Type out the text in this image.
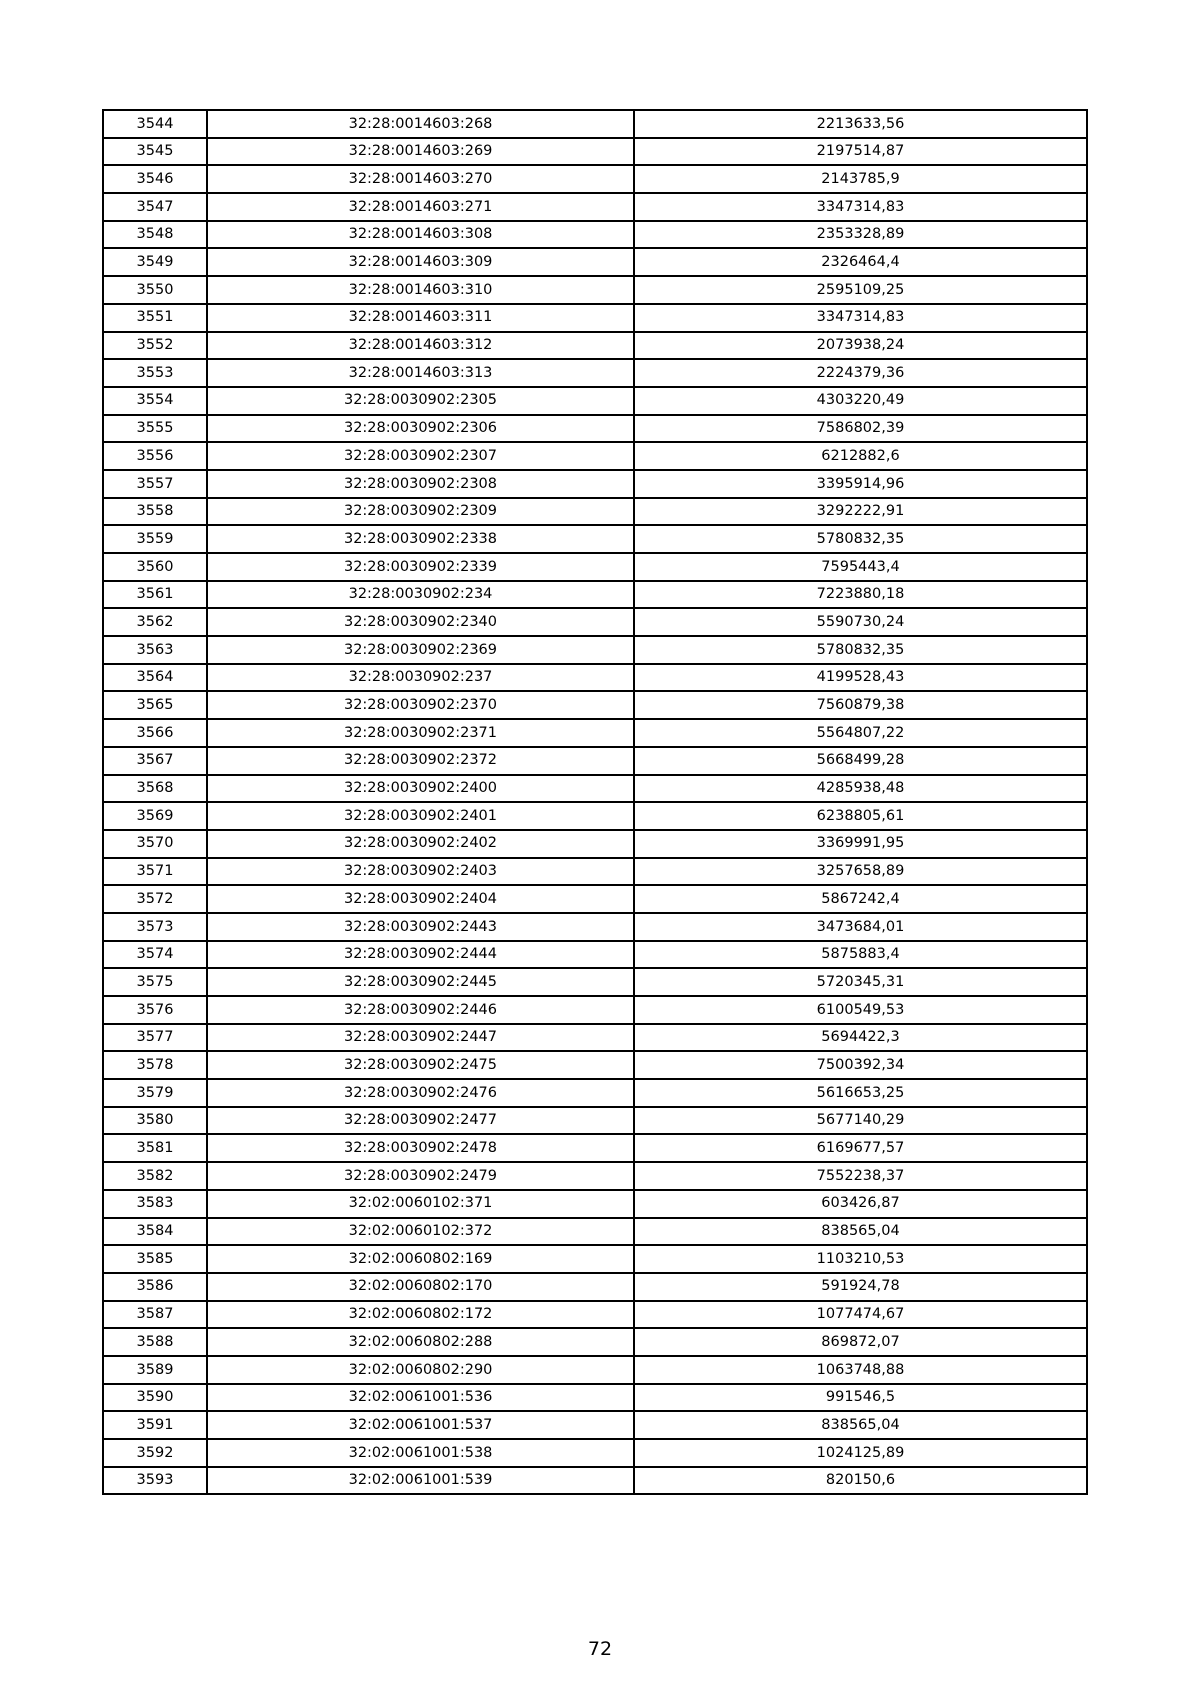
3544	32:28:0014603:268	2213633,56
3545	32:28:0014603:269	2197514,87
3546	32:28:0014603:270	2143785,9
3547	32:28:0014603:271	3347314,83
3548	32:28:0014603:308	2353328,89
3549	32:28:0014603:309	2326464,4
3550	32:28:0014603:310	2595109,25
3551	32:28:0014603:311	3347314,83
3552	32:28:0014603:312	2073938,24
3553	32:28:0014603:313	2224379,36
3554	32:28:0030902:2305	4303220,49
3555	32:28:0030902:2306	7586802,39
3556	32:28:0030902:2307	6212882,6
3557	32:28:0030902:2308	3395914,96
3558	32:28:0030902:2309	3292222,91
3559	32:28:0030902:2338	5780832,35
3560	32:28:0030902:2339	7595443,4
3561	32:28:0030902:234	7223880,18
3562	32:28:0030902:2340	5590730,24
3563	32:28:0030902:2369	5780832,35
3564	32:28:0030902:237	4199528,43
3565	32:28:0030902:2370	7560879,38
3566	32:28:0030902:2371	5564807,22
3567	32:28:0030902:2372	5668499,28
3568	32:28:0030902:2400	4285938,48
3569	32:28:0030902:2401	6238805,61
3570	32:28:0030902:2402	3369991,95
3571	32:28:0030902:2403	3257658,89
3572	32:28:0030902:2404	5867242,4
3573	32:28:0030902:2443	3473684,01
3574	32:28:0030902:2444	5875883,4
3575	32:28:0030902:2445	5720345,31
3576	32:28:0030902:2446	6100549,53
3577	32:28:0030902:2447	5694422,3
3578	32:28:0030902:2475	7500392,34
3579	32:28:0030902:2476	5616653,25
3580	32:28:0030902:2477	5677140,29
3581	32:28:0030902:2478	6169677,57
3582	32:28:0030902:2479	7552238,37
3583	32:02:0060102:371	603426,87
3584	32:02:0060102:372	838565,04
3585	32:02:0060802:169	1103210,53
3586	32:02:0060802:170	591924,78
3587	32:02:0060802:172	1077474,67
3588	32:02:0060802:288	869872,07
3589	32:02:0060802:290	1063748,88
3590	32:02:0061001:536	991546,5
3591	32:02:0061001:537	838565,04
3592	32:02:0061001:538	1024125,89
3593	32:02:0061001:539	820150,6
72
